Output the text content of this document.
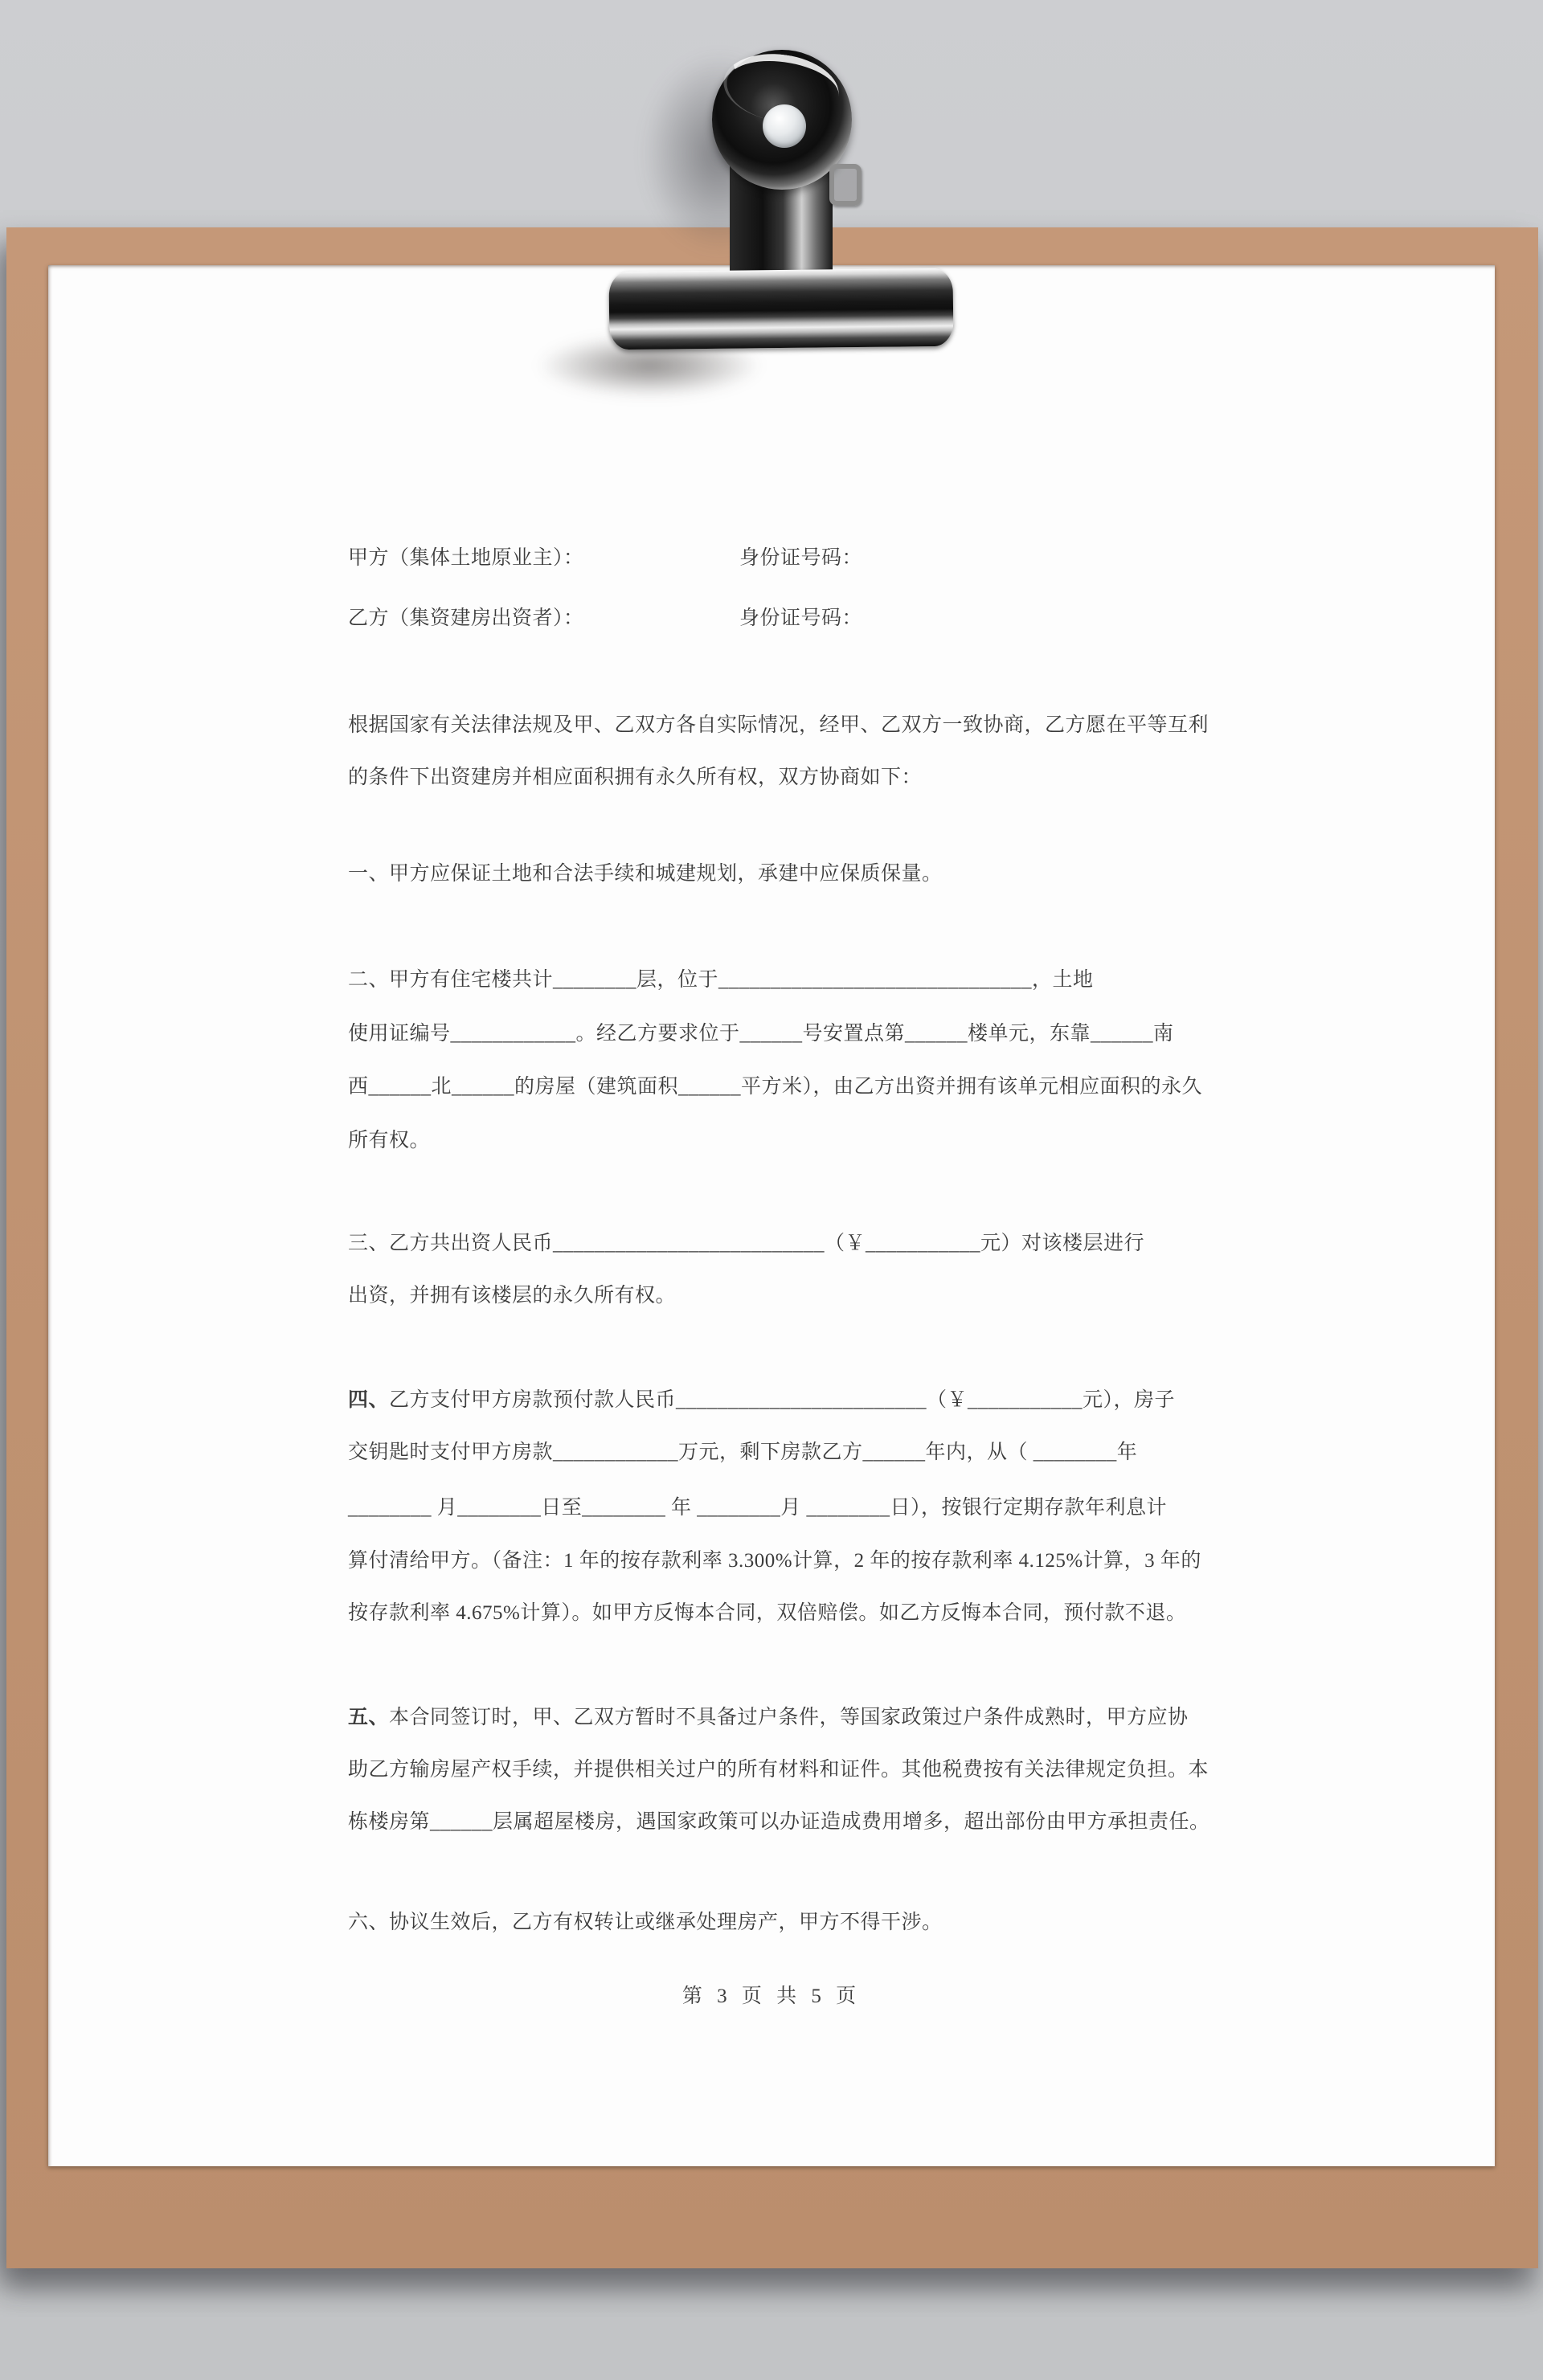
甲方（集体土地原业主）：	身份证号码：
乙方（集资建房出资者）：	身份证号码：
根据国家有关法律法规及甲、乙双方各自实际情况，经甲、乙双方一致协商，乙方愿在平等互利
的条件下出资建房并相应面积拥有永久所有权，双方协商如下：
一、甲方应保证土地和合法手续和城建规划，承建中应保质保量。
二、甲方有住宅楼共计________层，位于______________________________，土地
使用证编号____________。经乙方要求位于______号安置点第______楼单元，东靠______南
西______北______的房屋（建筑面积______平方米），由乙方出资并拥有该单元相应面积的永久
所有权。
三、乙方共出资人民币__________________________（￥___________元）对该楼层进行
出资，并拥有该楼层的永久所有权。
四、乙方支付甲方房款预付款人民币________________________（￥___________元），房子
交钥匙时支付甲方房款____________万元，剩下房款乙方______年内，从（ ________年
________ 月________日至________ 年 ________月 ________日），按银行定期存款年利息计
算付清给甲方。（备注：1 年的按存款利率 3.300%计算，2 年的按存款利率 4.125%计算，3 年的
按存款利率 4.675%计算）。如甲方反悔本合同，双倍赔偿。如乙方反悔本合同，预付款不退。
五、本合同签订时，甲、乙双方暂时不具备过户条件，等国家政策过户条件成熟时，甲方应协
助乙方输房屋产权手续，并提供相关过户的所有材料和证件。其他税费按有关法律规定负担。本
栋楼房第______层属超屋楼房，遇国家政策可以办证造成费用增多，超出部份由甲方承担责任。
六、协议生效后，乙方有权转让或继承处理房产，甲方不得干涉。
第 3 页 共 5 页
